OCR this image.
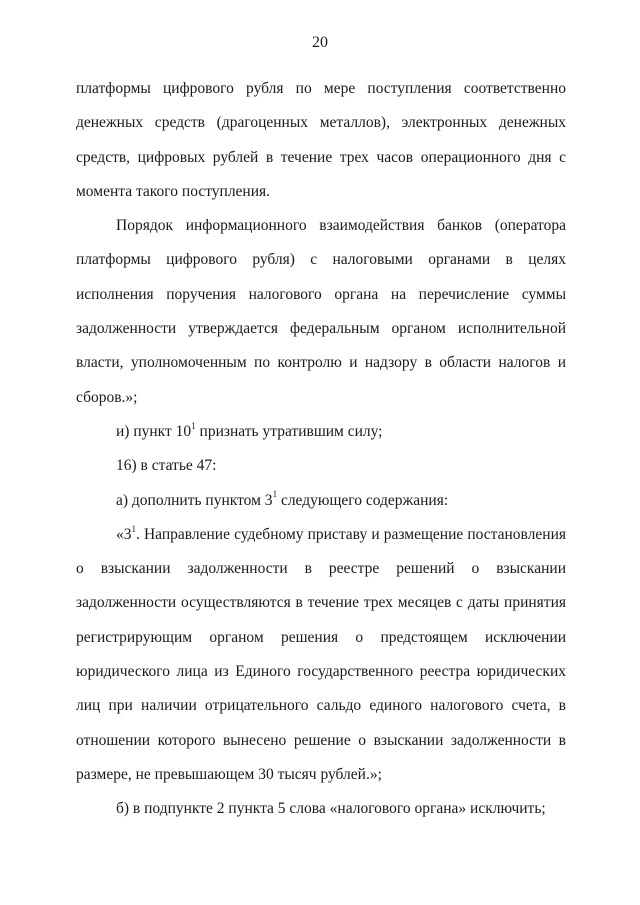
20

платформы цифрового рубля по мере поступления соответственно денежных средств (драгоценных металлов), электронных денежных средств, цифровых рублей в течение трех часов операционного дня с момента такого поступления.

Порядок информационного взаимодействия банков (оператора платформы цифрового рубля) с налоговыми органами в целях исполнения поручения налогового органа на перечисление суммы задолженности утверждается федеральным органом исполнительной власти, уполномоченным по контролю и надзору в области налогов и сборов.»;

и) пункт $10^1$ признать утратившим силу;

16) в статье 47:

а) дополнить пунктом $3^1$ следующего содержания:

«$3^1$. Направление судебному приставу и размещение постановления о взыскании задолженности в реестре решений о взыскании задолженности осуществляются в течение трех месяцев с даты принятия регистрирующим органом решения о предстоящем исключении юридического лица из Единого государственного реестра юридических лиц при наличии отрицательного сальдо единого налогового счета, в отношении которого вынесено решение о взыскании задолженности в размере, не превышающем 30 тысяч рублей.»;

б) в подпункте 2 пункта 5 слова «налогового органа» исключить;
